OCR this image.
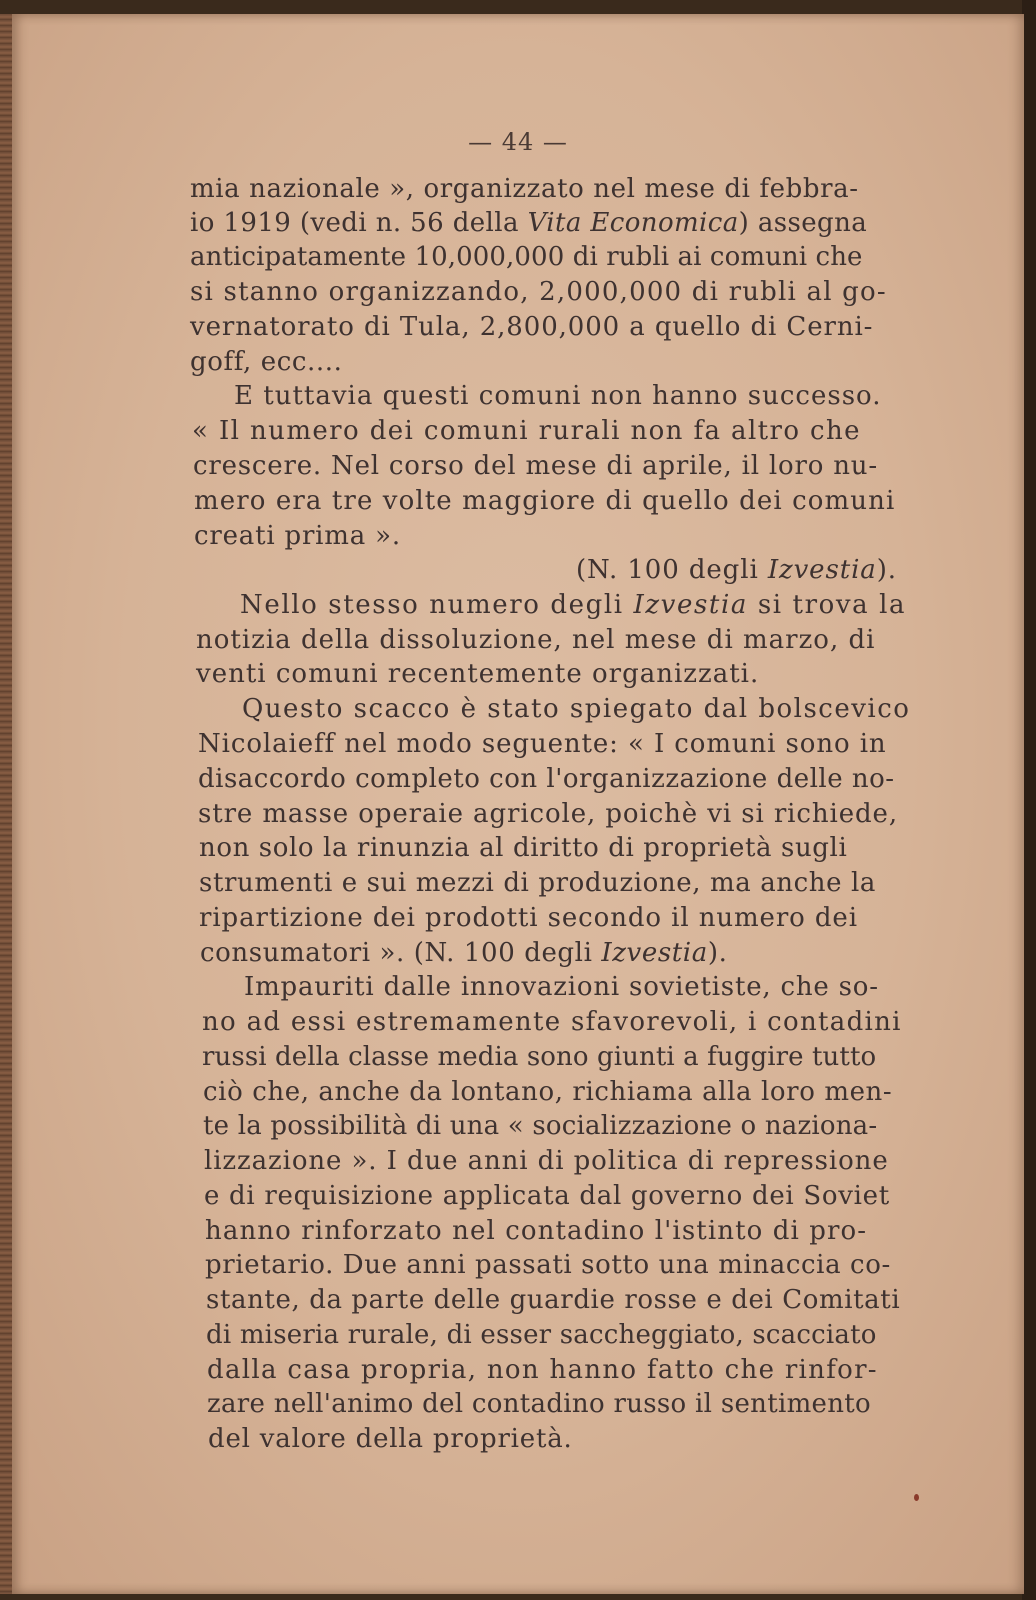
— 44 —
mia nazionale », organizzato nel mese di febbra-
io 1919 (vedi n. 56 della Vita Economica) assegna
anticipatamente 10,000,000 di rubli ai comuni che
si stanno organizzando, 2,000,000 di rubli al go-
vernatorato di Tula, 2,800,000 a quello di Cerni-
goff, ecc....
E tuttavia questi comuni non hanno successo.
« Il numero dei comuni rurali non fa altro che
crescere. Nel corso del mese di aprile, il loro nu-
mero era tre volte maggiore di quello dei comuni
creati prima ».
(N. 100 degli Izvestia).
Nello stesso numero degli Izvestia si trova la
notizia della dissoluzione, nel mese di marzo, di
venti comuni recentemente organizzati.
Questo scacco è stato spiegato dal bolscevico
Nicolaieff nel modo seguente: « I comuni sono in
disaccordo completo con l'organizzazione delle no-
stre masse operaie agricole, poichè vi si richiede,
non solo la rinunzia al diritto di proprietà sugli
strumenti e sui mezzi di produzione, ma anche la
ripartizione dei prodotti secondo il numero dei
consumatori ». (N. 100 degli Izvestia).
Impauriti dalle innovazioni sovietiste, che so-
no ad essi estremamente sfavorevoli, i contadini
russi della classe media sono giunti a fuggire tutto
ciò che, anche da lontano, richiama alla loro men-
te la possibilità di una « socializzazione o naziona-
lizzazione ». I due anni di politica di repressione
e di requisizione applicata dal governo dei Soviet
hanno rinforzato nel contadino l'istinto di pro-
prietario. Due anni passati sotto una minaccia co-
stante, da parte delle guardie rosse e dei Comitati
di miseria rurale, di esser saccheggiato, scacciato
dalla casa propria, non hanno fatto che rinfor-
zare nell'animo del contadino russo il sentimento
del valore della proprietà.
